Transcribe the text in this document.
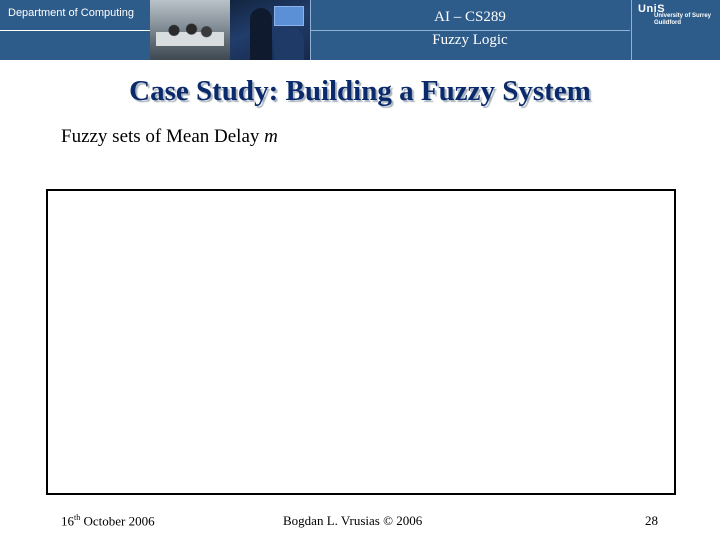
Department of Computing	AI – CS289
Fuzzy Logic
UniS
University of Surrey
Guildford
Case Study: Building a Fuzzy System
Fuzzy sets of Mean Delay m
16th October 2006	Bogdan L. Vrusias © 2006	28
